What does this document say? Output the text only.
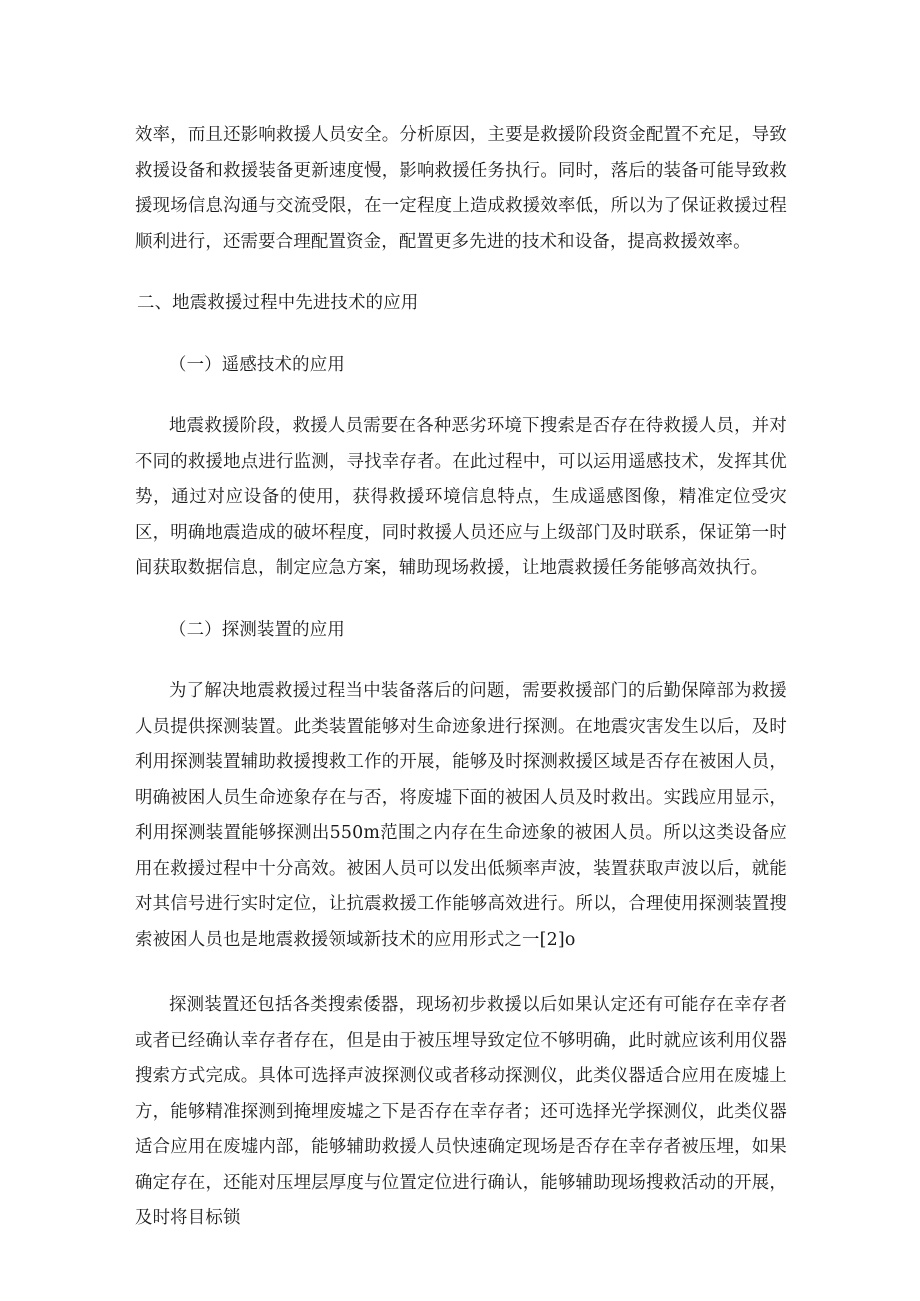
效率，而且还影响救援人员安全。分析原因，主要是救援阶段资金配置不充足，导致救援设备和救援装备更新速度慢，影响救援任务执行。同时，落后的装备可能导致救援现场信息沟通与交流受限，在一定程度上造成救援效率低，所以为了保证救援过程顺利进行，还需要合理配置资金，配置更多先进的技术和设备，提高救援效率。

二、地震救援过程中先进技术的应用

（一）遥感技术的应用

地震救援阶段，救援人员需要在各种恶劣环境下搜索是否存在待救援人员，并对不同的救援地点进行监测，寻找幸存者。在此过程中，可以运用遥感技术，发挥其优势，通过对应设备的使用，获得救援环境信息特点，生成遥感图像，精准定位受灾区，明确地震造成的破坏程度，同时救援人员还应与上级部门及时联系，保证第一时间获取数据信息，制定应急方案，辅助现场救援，让地震救援任务能够高效执行。

（二）探测装置的应用

为了解决地震救援过程当中装备落后的问题，需要救援部门的后勤保障部为救援人员提供探测装置。此类装置能够对生命迹象进行探测。在地震灾害发生以后，及时利用探测装置辅助救援搜救工作的开展，能够及时探测救援区域是否存在被困人员，明确被困人员生命迹象存在与否，将废墟下面的被困人员及时救出。实践应用显示，利用探测装置能够探测出550m范围之内存在生命迹象的被困人员。所以这类设备应用在救援过程中十分高效。被困人员可以发出低频率声波，装置获取声波以后，就能对其信号进行实时定位，让抗震救援工作能够高效进行。所以，合理使用探测装置搜索被困人员也是地震救援领域新技术的应用形式之一[2]o

探测装置还包括各类搜索倭器，现场初步救援以后如果认定还有可能存在幸存者或者已经确认幸存者存在，但是由于被压埋导致定位不够明确，此时就应该利用仪器搜索方式完成。具体可选择声波探测仪或者移动探测仪，此类仪器适合应用在废墟上方，能够精准探测到掩埋废墟之下是否存在幸存者；还可选择光学探测仪，此类仪器适合应用在废墟内部，能够辅助救援人员快速确定现场是否存在幸存者被压埋，如果确定存在，还能对压埋层厚度与位置定位进行确认，能够辅助现场搜救活动的开展，及时将目标锁
